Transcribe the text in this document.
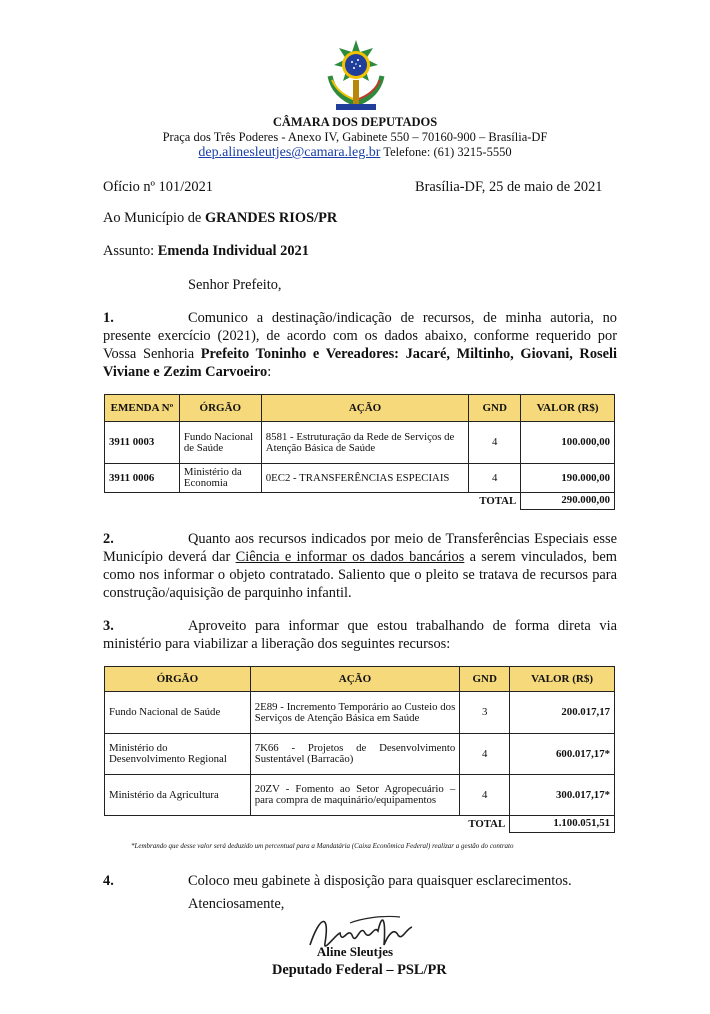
CÂMARA DOS DEPUTADOS
Praça dos Três Poderes - Anexo IV, Gabinete 550 – 70160-900 – Brasília-DF
dep.alinesleutjes@camara.leg.br Telefone: (61) 3215-5550
Ofício nº 101/2021	Brasília-DF, 25 de maio de 2021
Ao Município de GRANDES RIOS/PR
Assunto: Emenda Individual 2021
Senhor Prefeito,
1.	Comunico a destinação/indicação de recursos, de minha autoria, no presente exercício (2021), de acordo com os dados abaixo, conforme requerido por Vossa Senhoria Prefeito Toninho e Vereadores: Jacaré, Miltinho, Giovani, Roseli Viviane e Zezim Carvoeiro:
EMENDA Nº	ÓRGÃO	AÇÃO	GND	VALOR (R$)
3911 0003	Fundo Nacional de Saúde	8581 - Estruturação da Rede de Serviços de Atenção Básica de Saúde	4	100.000,00
3911 0006	Ministério da Economia	0EC2 - TRANSFERÊNCIAS ESPECIAIS	4	190.000,00
TOTAL				290.000,00
2.	Quanto aos recursos indicados por meio de Transferências Especiais esse Município deverá dar Ciência e informar os dados bancários a serem vinculados, bem como nos informar o objeto contratado. Saliento que o pleito se tratava de recursos para construção/aquisição de parquinho infantil.
3.	Aproveito para informar que estou trabalhando de forma direta via ministério para viabilizar a liberação dos seguintes recursos:
ÓRGÃO	AÇÃO	GND	VALOR (R$)
Fundo Nacional de Saúde	2E89 - Incremento Temporário ao Custeio dos Serviços de Atenção Básica em Saúde	3	200.017,17
Ministério do Desenvolvimento Regional	7K66 - Projetos de Desenvolvimento Sustentável (Barracão)	4	600.017,17*
Ministério da Agricultura	20ZV - Fomento ao Setor Agropecuário – para compra de maquinário/equipamentos	4	300.017,17*
TOTAL			1.100.051,51
*Lembrando que desse valor será deduzido um percentual para a Mandatária (Caixa Econômica Federal) realizar a gestão do contrato
4.	Coloco meu gabinete à disposição para quaisquer esclarecimentos.
Atenciosamente,
Aline Sleutjes
Deputado Federal – PSL/PR
